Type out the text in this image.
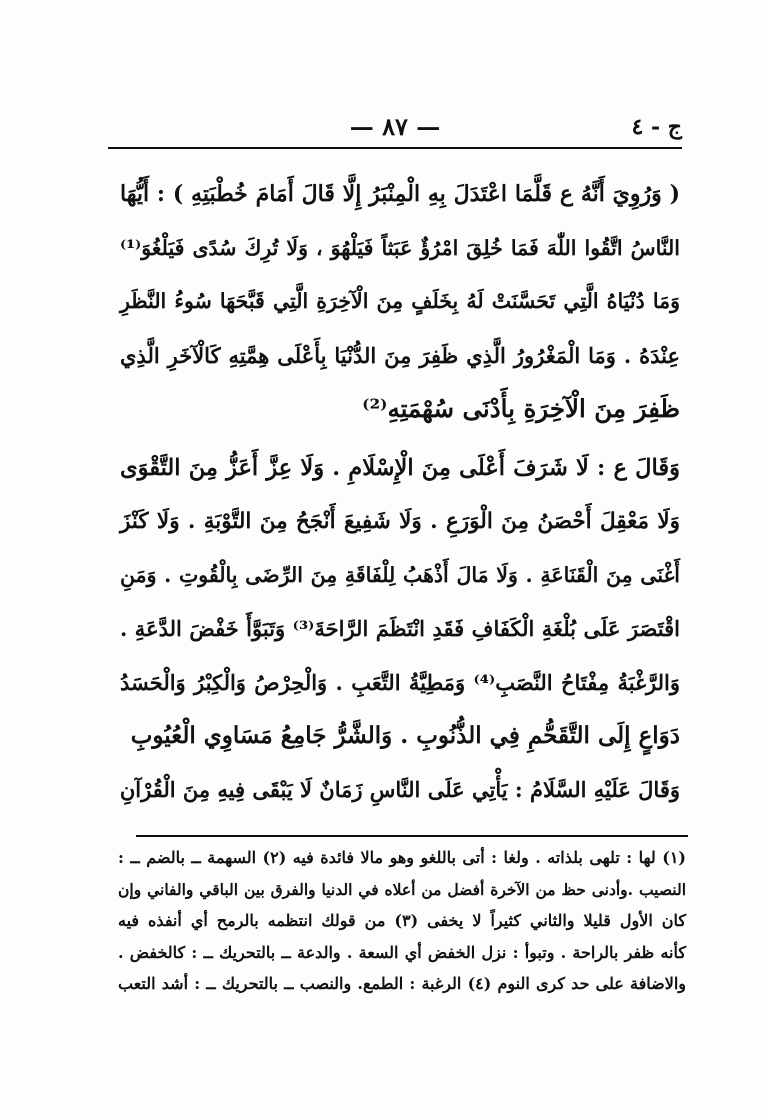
— ٨٧ —	ج - ٤
( وَرُوِيَ أَنَّهُ ع قَلَّمَا اعْتَدَلَ بِهِ الْمِنْبَرُ إِلَّا قَالَ أَمَامَ خُطْبَتِهِ ) : أَيُّهَا
النَّاسُ اتَّقُوا اللّٰهَ فَمَا خُلِقَ امْرُؤٌ عَبَثاً فَيَلْهُوَ ، وَلَا تُرِكَ سُدًى فَيَلْغُوَ⁽¹⁾
وَمَا دُنْيَاهُ الَّتِي تَحَسَّنَتْ لَهُ بِخَلَفٍ مِنَ الْآخِرَةِ الَّتِي قَبَّحَهَا سُوءُ النَّظَرِ
عِنْدَهُ . وَمَا الْمَغْرُورُ الَّذِي ظَفِرَ مِنَ الدُّنْيَا بِأَعْلَى هِمَّتِهِ كَالْآخَرِ الَّذِي
ظَفِرَ مِنَ الْآخِرَةِ بِأَدْنَى سُهْمَتِهِ⁽²⁾
وَقَالَ ع : لَا شَرَفَ أَعْلَى مِنَ الْإِسْلَامِ . وَلَا عِزَّ أَعَزُّ مِنَ التَّقْوَى
وَلَا مَعْقِلَ أَحْصَنُ مِنَ الْوَرَعِ . وَلَا شَفِيعَ أَنْجَحُ مِنَ التَّوْبَةِ . وَلَا كَنْزَ
أَغْنَى مِنَ الْقَنَاعَةِ . وَلَا مَالَ أَذْهَبُ لِلْفَاقَةِ مِنَ الرِّضَى بِالْقُوتِ . وَمَنِ
اقْتَصَرَ عَلَى بُلْغَةِ الْكَفَافِ فَقَدِ انْتَظَمَ الرَّاحَةَ⁽³⁾ وَتَبَوَّأَ خَفْضَ الدَّعَةِ .
وَالرَّغْبَةُ مِفْتَاحُ النَّصَبِ⁽⁴⁾ وَمَطِيَّةُ التَّعَبِ . وَالْحِرْصُ وَالْكِبْرُ وَالْحَسَدُ
دَوَاعٍ إِلَى التَّقَحُّمِ فِي الذُّنُوبِ . وَالشَّرُّ جَامِعُ مَسَاوِي الْعُيُوبِ
وَقَالَ عَلَيْهِ السَّلَامُ : يَأْتِي عَلَى النَّاسِ زَمَانٌ لَا يَبْقَى فِيهِ مِنَ الْقُرْآنِ
(١) لها : تلهى بلذاته . ولغا : أتى باللغو وهو مالا فائدة فيه (٢) السهمة ــ بالضم ــ :
النصيب .وأدنى حظ من الآخرة أفضل من أعلاه في الدنيا والفرق بين الباقي والفاني وإن
كان الأول قليلا والثاني كثيراً لا يخفى (٣) من قولك انتظمه بالرمح أي أنفذه فيه
كأنه ظفر بالراحة . وتبوأ : نزل الخفض أي السعة . والدعة ــ بالتحريك ــ : كالخفض .
والاضافة على حد كرى النوم (٤) الرغبة : الطمع. والنصب ــ بالتحريك ــ : أشد التعب
